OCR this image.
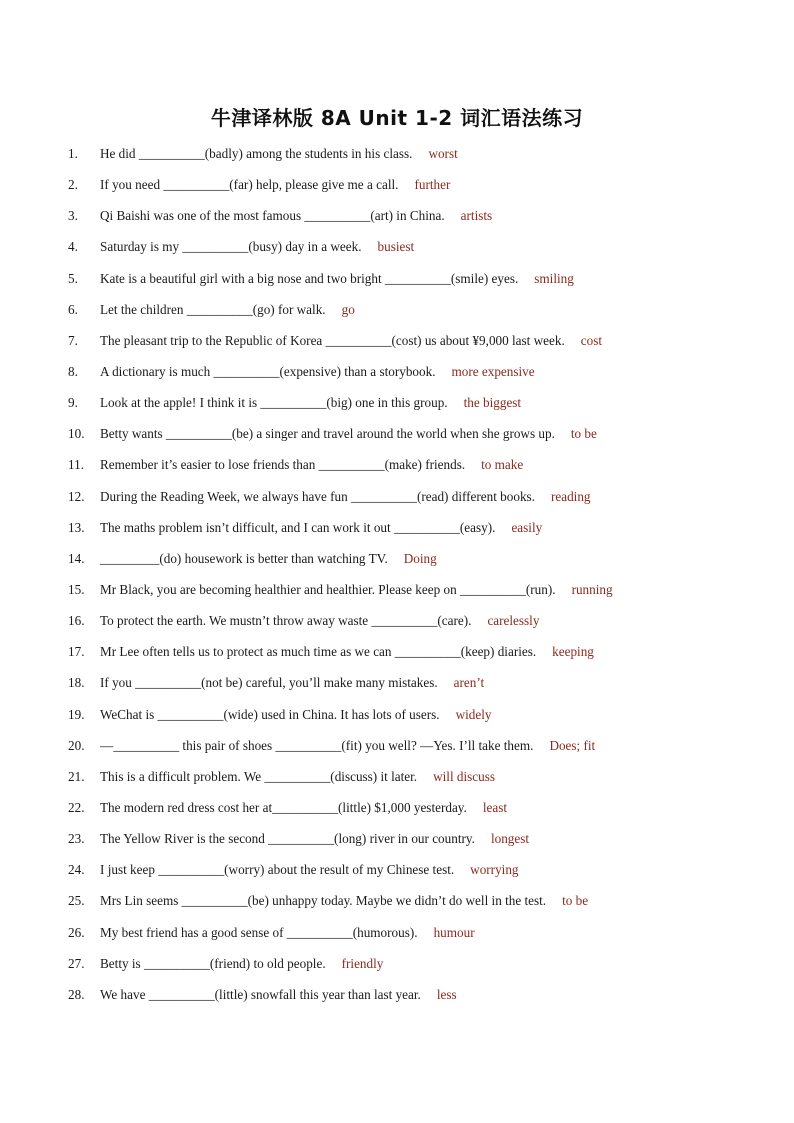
牛津译林版 8A Unit 1-2 词汇语法练习
1.	He did __________(badly) among the students in his class. worst
2.	If you need __________(far) help, please give me a call. further
3.	Qi Baishi was one of the most famous __________(art) in China. artists
4.	Saturday is my __________(busy) day in a week. busiest
5.	Kate is a beautiful girl with a big nose and two bright __________(smile) eyes. smiling
6.	Let the children __________(go) for walk. go
7.	The pleasant trip to the Republic of Korea __________(cost) us about ¥9,000 last week. cost
8.	A dictionary is much __________(expensive) than a storybook. more expensive
9.	Look at the apple! I think it is __________(big) one in this group. the biggest
10.	Betty wants __________(be) a singer and travel around the world when she grows up. to be
11.	Remember it’s easier to lose friends than __________(make) friends. to make
12.	During the Reading Week, we always have fun __________(read) different books. reading
13.	The maths problem isn’t difficult, and I can work it out __________(easy). easily
14.	_________(do) housework is better than watching TV. Doing
15.	Mr Black, you are becoming healthier and healthier. Please keep on __________(run). running
16.	To protect the earth. We mustn’t throw away waste __________(care). carelessly
17.	Mr Lee often tells us to protect as much time as we can __________(keep) diaries. keeping
18.	If you __________(not be) careful, you’ll make many mistakes. aren’t
19.	WeChat is __________(wide) used in China. It has lots of users. widely
20.	—__________ this pair of shoes __________(fit) you well? —Yes. I’ll take them. Does; fit
21.	This is a difficult problem. We __________(discuss) it later. will discuss
22.	The modern red dress cost her at__________(little) $1,000 yesterday. least
23.	The Yellow River is the second __________(long) river in our country. longest
24.	I just keep __________(worry) about the result of my Chinese test. worrying
25.	Mrs Lin seems __________(be) unhappy today. Maybe we didn’t do well in the test. to be
26.	My best friend has a good sense of __________(humorous). humour
27.	Betty is __________(friend) to old people. friendly
28.	We have __________(little) snowfall this year than last year. less
